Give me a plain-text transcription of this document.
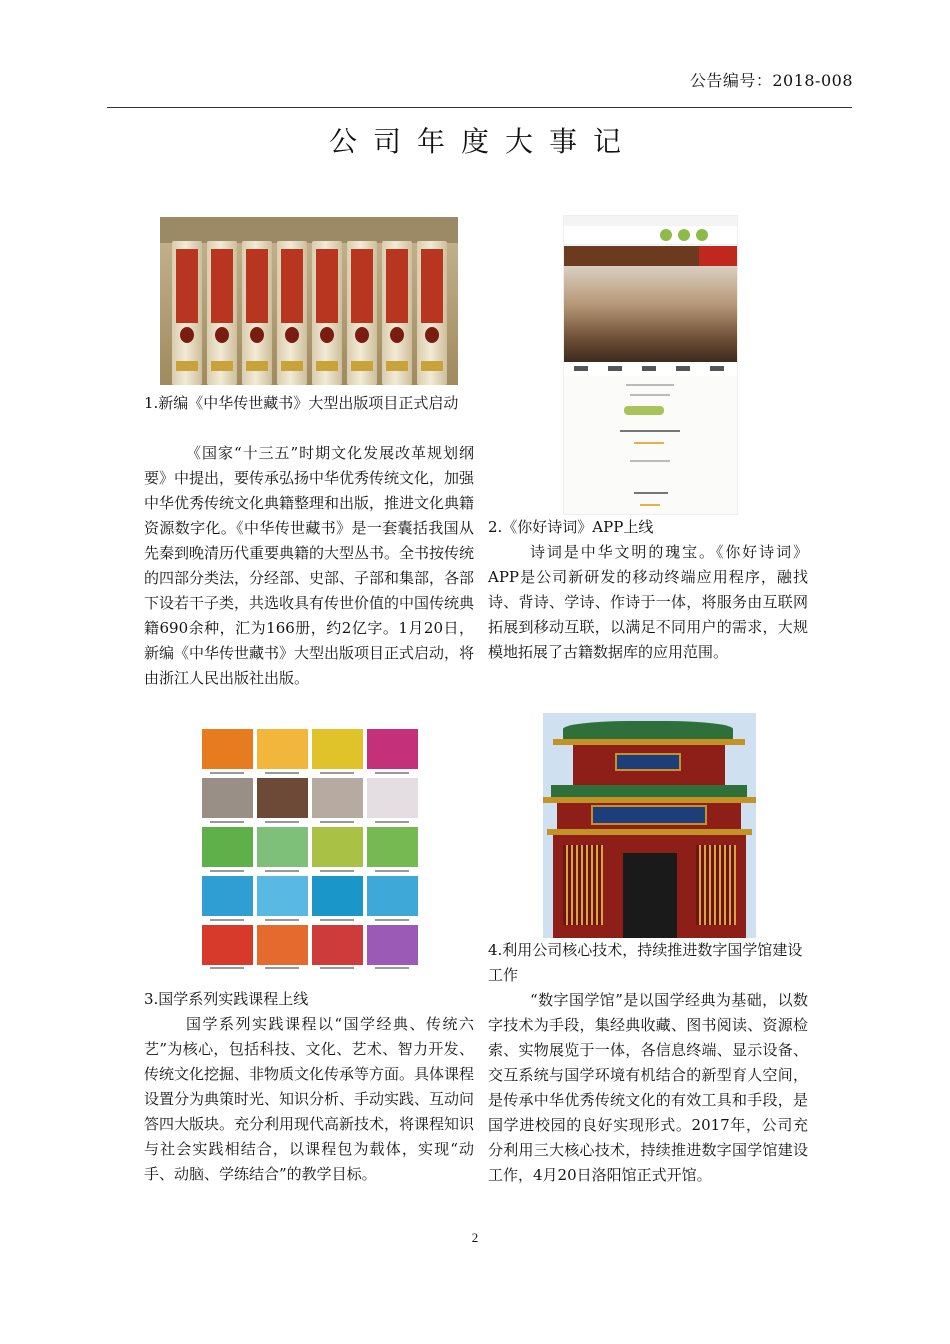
公告编号：2018-008
公司年度大事记
1.新编《中华传世藏书》大型出版项目正式启动
《国家“十三五”时期文化发展改革规划纲要》中提出，要传承弘扬中华优秀传统文化，加强中华优秀传统文化典籍整理和出版，推进文化典籍资源数字化。《中华传世藏书》是一套囊括我国从先秦到晚清历代重要典籍的大型丛书。全书按传统的四部分类法，分经部、史部、子部和集部，各部下设若干子类，共选收具有传世价值的中国传统典籍690余种，汇为166册，约2亿字。1月20日，新编《中华传世藏书》大型出版项目正式启动，将由浙江人民出版社出版。
2.《你好诗词》APP上线
诗词是中华文明的瑰宝。《你好诗词》APP是公司新研发的移动终端应用程序，融找诗、背诗、学诗、作诗于一体，将服务由互联网拓展到移动互联，以满足不同用户的需求，大规模地拓展了古籍数据库的应用范围。
3.国学系列实践课程上线
国学系列实践课程以“国学经典、传统六艺”为核心，包括科技、文化、艺术、智力开发、传统文化挖掘、非物质文化传承等方面。具体课程设置分为典策时光、知识分析、手动实践、互动问答四大版块。充分利用现代高新技术，将课程知识与社会实践相结合，以课程包为载体，实现“动手、动脑、学练结合”的教学目标。
4.利用公司核心技术，持续推进数字国学馆建设工作
“数字国学馆”是以国学经典为基础，以数字技术为手段，集经典收藏、图书阅读、资源检索、实物展览于一体，各信息终端、显示设备、交互系统与国学环境有机结合的新型育人空间，是传承中华优秀传统文化的有效工具和手段，是国学进校园的良好实现形式。2017年，公司充分利用三大核心技术，持续推进数字国学馆建设工作，4月20日洛阳馆正式开馆。
2
